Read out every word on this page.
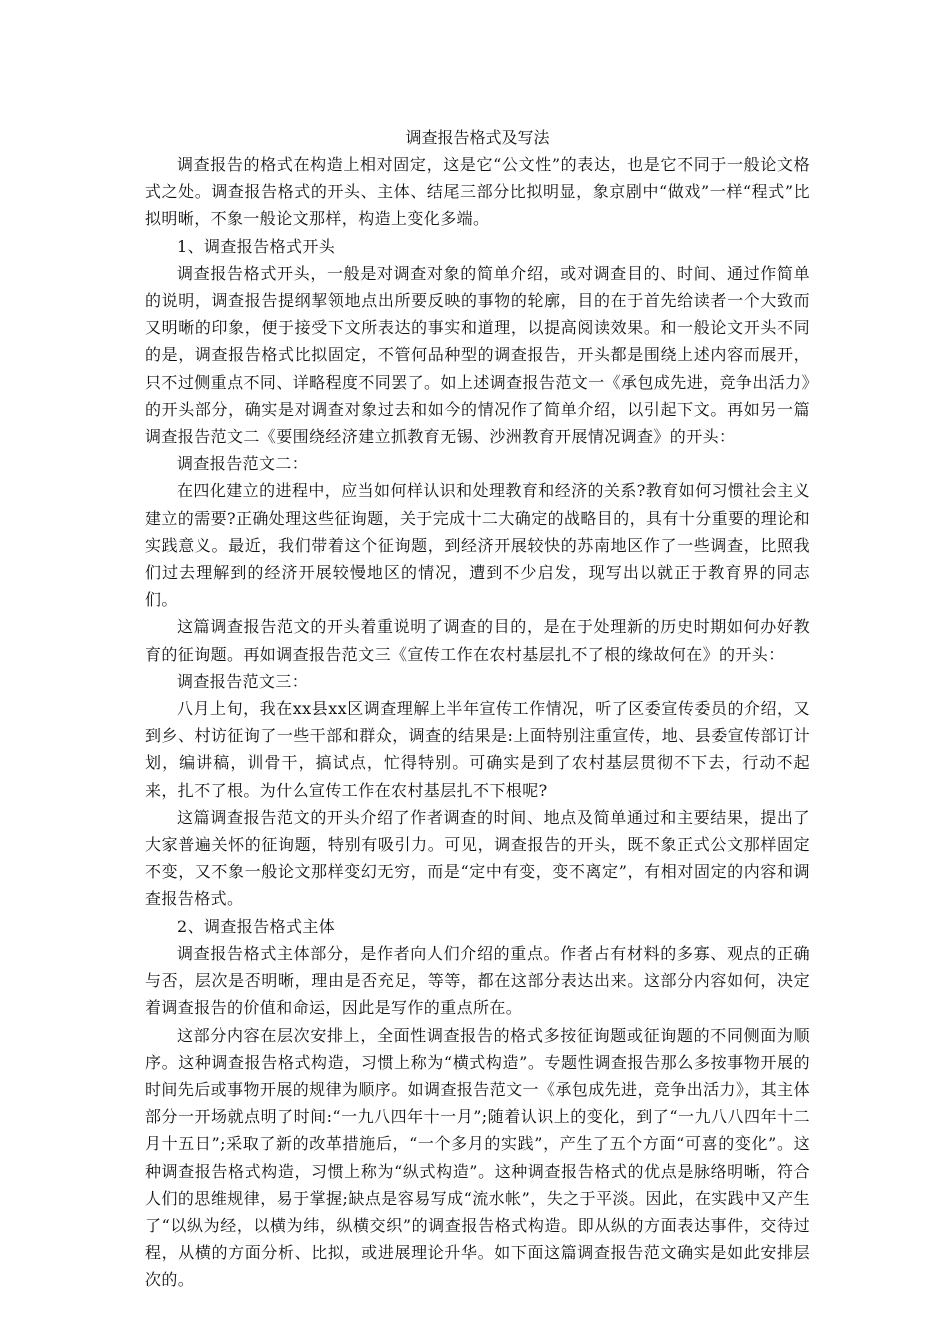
调查报告格式及写法

调查报告的格式在构造上相对固定，这是它“公文性”的表达，也是它不同于一般论文格式之处。调查报告格式的开头、主体、结尾三部分比拟明显，象京剧中“做戏”一样“程式”比拟明晰，不象一般论文那样，构造上变化多端。

1、调查报告格式开头

调查报告格式开头，一般是对调查对象的简单介绍，或对调查目的、时间、通过作简单的说明，调查报告提纲挈领地点出所要反映的事物的轮廓，目的在于首先给读者一个大致而又明晰的印象，便于接受下文所表达的事实和道理，以提高阅读效果。和一般论文开头不同的是，调查报告格式比拟固定，不管何品种型的调查报告，开头都是围绕上述内容而展开，只不过侧重点不同、详略程度不同罢了。如上述调查报告范文一《承包成先进，竞争出活力》的开头部分，确实是对调查对象过去和如今的情况作了简单介绍，以引起下文。再如另一篇调查报告范文二《要围绕经济建立抓教育无锡、沙洲教育开展情况调查》的开头：

调查报告范文二：

在四化建立的进程中，应当如何样认识和处理教育和经济的关系?教育如何习惯社会主义建立的需要?正确处理这些征询题，关于完成十二大确定的战略目的，具有十分重要的理论和实践意义。最近，我们带着这个征询题，到经济开展较快的苏南地区作了一些调查，比照我们过去理解到的经济开展较慢地区的情况，遭到不少启发，现写出以就正于教育界的同志们。

这篇调查报告范文的开头着重说明了调查的目的，是在于处理新的历史时期如何办好教育的征询题。再如调查报告范文三《宣传工作在农村基层扎不了根的缘故何在》的开头：

调查报告范文三：

八月上旬，我在xx县xx区调查理解上半年宣传工作情况，听了区委宣传委员的介绍，又到乡、村访征询了一些干部和群众，调查的结果是:上面特别注重宣传，地、县委宣传部订计划，编讲稿，训骨干，搞试点，忙得特别。可确实是到了农村基层贯彻不下去，行动不起来，扎不了根。为什么宣传工作在农村基层扎不下根呢?

这篇调查报告范文的开头介绍了作者调查的时间、地点及简单通过和主要结果，提出了大家普遍关怀的征询题，特别有吸引力。可见，调查报告的开头，既不象正式公文那样固定不变，又不象一般论文那样变幻无穷，而是“定中有变，变不离定”，有相对固定的内容和调查报告格式。

2、调查报告格式主体

调查报告格式主体部分，是作者向人们介绍的重点。作者占有材料的多寡、观点的正确与否，层次是否明晰，理由是否充足，等等，都在这部分表达出来。这部分内容如何，决定着调查报告的价值和命运，因此是写作的重点所在。

这部分内容在层次安排上，全面性调查报告的格式多按征询题或征询题的不同侧面为顺序。这种调查报告格式构造，习惯上称为“横式构造”。专题性调查报告那么多按事物开展的时间先后或事物开展的规律为顺序。如调查报告范文一《承包成先进，竞争出活力》，其主体部分一开场就点明了时间:“一九八四年十一月”;随着认识上的变化，到了“一九八八四年十二月十五日”;采取了新的改革措施后，“一个多月的实践”，产生了五个方面“可喜的变化”。这种调查报告格式构造，习惯上称为“纵式构造”。这种调查报告格式的优点是脉络明晰，符合人们的思维规律，易于掌握;缺点是容易写成“流水帐”，失之于平淡。因此，在实践中又产生了“以纵为经，以横为纬，纵横交织”的调查报告格式构造。即从纵的方面表达事件，交待过程，从横的方面分析、比拟，或进展理论升华。如下面这篇调查报告范文确实是如此安排层次的。
